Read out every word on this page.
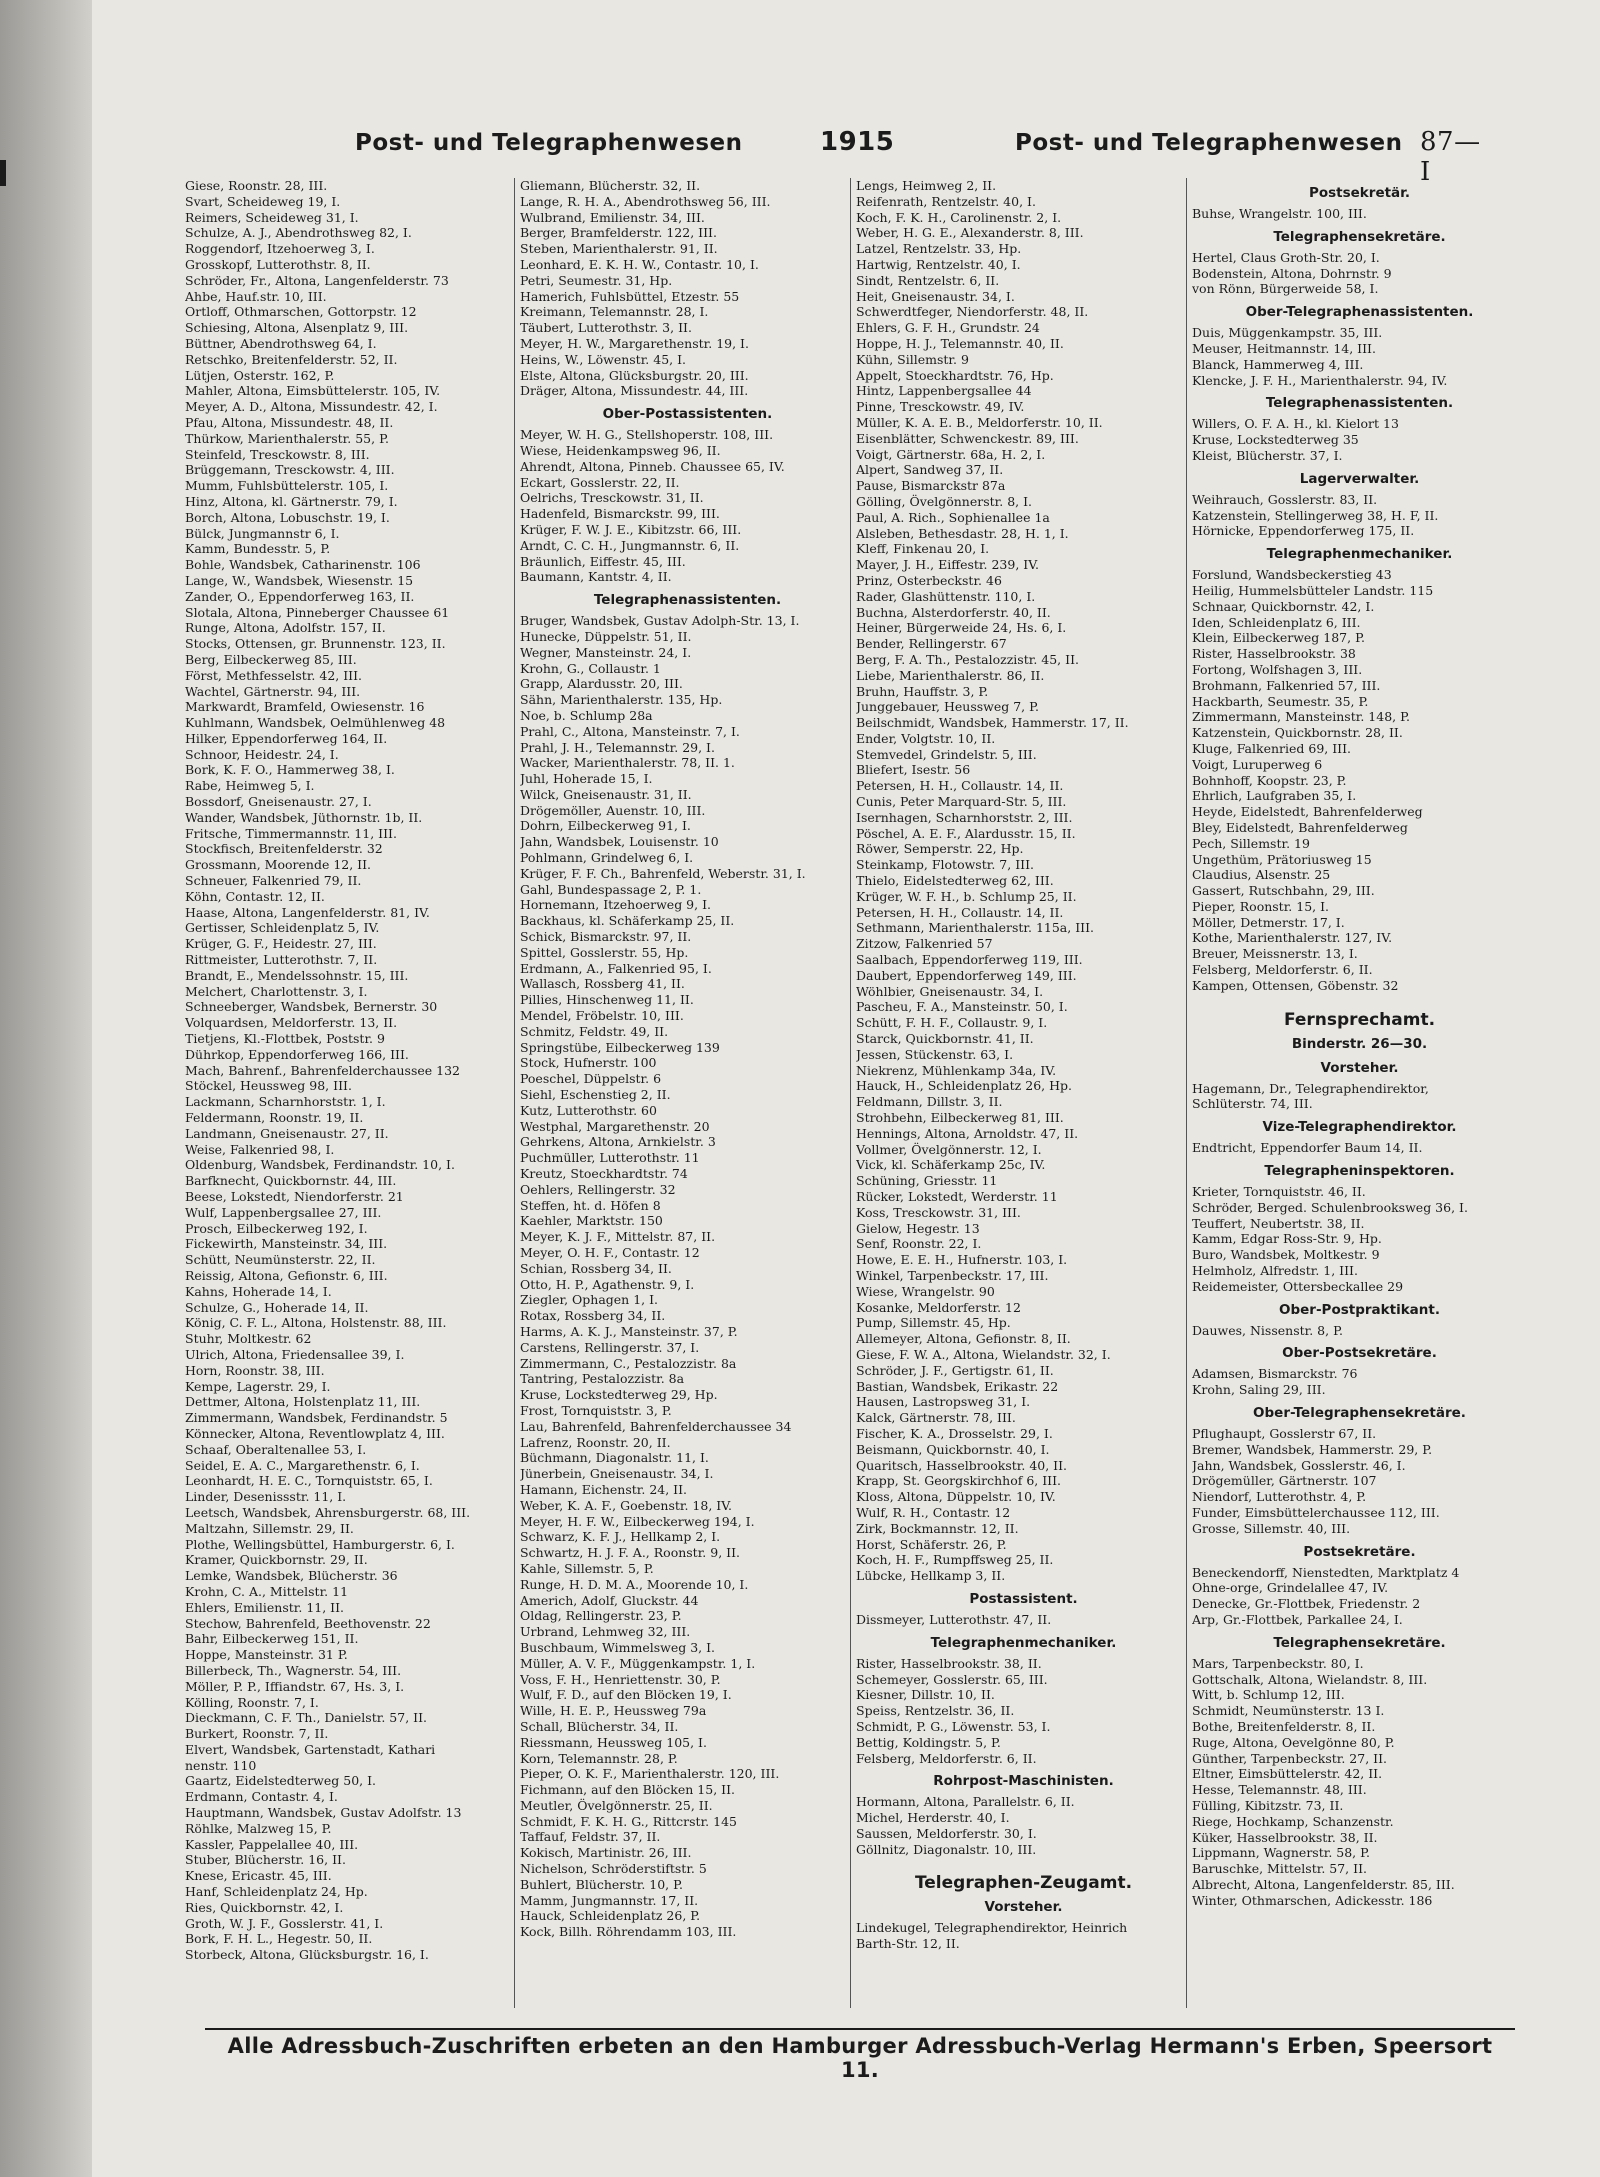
Post- und Telegraphenwesen	1915	Post- und Telegraphenwesen 87—I
Giese, Roonstr. 28, III.
Svart, Scheideweg 19, I.
Reimers, Scheideweg 31, I.
Schulze, A. J., Abendrothsweg 82, I.
Roggendorf, Itzehoerweg 3, I.
Grosskopf, Lutterothstr. 8, II.
Schröder, Fr., Altona, Langenfelderstr. 73
Ahbe, Hauf.str. 10, III.
Ortloff, Othmarschen, Gottorpstr. 12
Schiesing, Altona, Alsenplatz 9, III.
Büttner, Abendrothsweg 64, I.
Retschko, Breitenfelderstr. 52, II.
Lütjen, Osterstr. 162, P.
Mahler, Altona, Eimsbüttelerstr. 105, IV.
Meyer, A. D., Altona, Missundestr. 42, I.
Pfau, Altona, Missundestr. 48, II.
Thürkow, Marienthalerstr. 55, P.
Steinfeld, Tresckowstr. 8, III.
Brüggemann, Tresckowstr. 4, III.
Mumm, Fuhlsbüttelerstr. 105, I.
Hinz, Altona, kl. Gärtnerstr. 79, I.
Borch, Altona, Lobuschstr. 19, I.
Bülck, Jungmannstr 6, I.
Kamm, Bundesstr. 5, P.
Bohle, Wandsbek, Catharinenstr. 106
Lange, W., Wandsbek, Wiesenstr. 15
Zander, O., Eppendorferweg 163, II.
Slotala, Altona, Pinneberger Chaussee 61
Runge, Altona, Adolfstr. 157, II.
Stocks, Ottensen, gr. Brunnenstr. 123, II.
Berg, Eilbeckerweg 85, III.
Först, Methfesselstr. 42, III.
Wachtel, Gärtnerstr. 94, III.
Markwardt, Bramfeld, Owiesenstr. 16
Kuhlmann, Wandsbek, Oelmühlenweg 48
Hilker, Eppendorferweg 164, II.
Schnoor, Heidestr. 24, I.
Bork, K. F. O., Hammerweg 38, I.
Rabe, Heimweg 5, I.
Bossdorf, Gneisenaustr. 27, I.
Wander, Wandsbek, Jüthornstr. 1b, II.
Fritsche, Timmermannstr. 11, III.
Stockfisch, Breitenfelderstr. 32
Grossmann, Moorende 12, II.
Schneuer, Falkenried 79, II.
Köhn, Contastr. 12, II.
Haase, Altona, Langenfelderstr. 81, IV.
Gertisser, Schleidenplatz 5, IV.
Krüger, G. F., Heidestr. 27, III.
Rittmeister, Lutterothstr. 7, II.
Brandt, E., Mendelssohnstr. 15, III.
Melchert, Charlottenstr. 3, I.
Schneeberger, Wandsbek, Bernerstr. 30
Volquardsen, Meldorferstr. 13, II.
Tietjens, Kl.-Flottbek, Poststr. 9
Dührkop, Eppendorferweg 166, III.
Mach, Bahrenf., Bahrenfelderchaussee 132
Stöckel, Heussweg 98, III.
Lackmann, Scharnhorststr. 1, I.
Feldermann, Roonstr. 19, II.
Landmann, Gneisenaustr. 27, II.
Weise, Falkenried 98, I.
Oldenburg, Wandsbek, Ferdinandstr. 10, I.
Barfknecht, Quickbornstr. 44, III.
Beese, Lokstedt, Niendorferstr. 21
Wulf, Lappenbergsallee 27, III.
Prosch, Eilbeckerweg 192, I.
Fickewirth, Mansteinstr. 34, III.
Schütt, Neumünsterstr. 22, II.
Reissig, Altona, Gefionstr. 6, III.
Kahns, Hoherade 14, I.
Schulze, G., Hoherade 14, II.
König, C. F. L., Altona, Holstenstr. 88, III.
Stuhr, Moltkestr. 62
Ulrich, Altona, Friedensallee 39, I.
Horn, Roonstr. 38, III.
Kempe, Lagerstr. 29, I.
Dettmer, Altona, Holstenplatz 11, III.
Zimmermann, Wandsbek, Ferdinandstr. 5
Könnecker, Altona, Reventlowplatz 4, III.
Schaaf, Oberaltenallee 53, I.
Seidel, E. A. C., Margarethenstr. 6, I.
Leonhardt, H. E. C., Tornquiststr. 65, I.
Linder, Desenissstr. 11, I.
Leetsch, Wandsbek, Ahrensburgerstr. 68, III.
Maltzahn, Sillemstr. 29, II.
Plothe, Wellingsbüttel, Hamburgerstr. 6, I.
Kramer, Quickbornstr. 29, II.
Lemke, Wandsbek, Blücherstr. 36
Krohn, C. A., Mittelstr. 11
Ehlers, Emilienstr. 11, II.
Stechow, Bahrenfeld, Beethovenstr. 22
Bahr, Eilbeckerweg 151, II.
Hoppe, Mansteinstr. 31 P.
Billerbeck, Th., Wagnerstr. 54, III.
Möller, P. P., Iffiandstr. 67, Hs. 3, I.
Kölling, Roonstr. 7, I.
Dieckmann, C. F. Th., Danielstr. 57, II.
Burkert, Roonstr. 7, II.
Elvert, Wandsbek, Gartenstadt, Kathari
nenstr. 110
Gaartz, Eidelstedterweg 50, I.
Erdmann, Contastr. 4, I.
Hauptmann, Wandsbek, Gustav Adolfstr. 13
Röhlke, Malzweg 15, P.
Kassler, Pappelallee 40, III.
Stuber, Blücherstr. 16, II.
Knese, Ericastr. 45, III.
Hanf, Schleidenplatz 24, Hp.
Ries, Quickbornstr. 42, I.
Groth, W. J. F., Gosslerstr. 41, I.
Bork, F. H. L., Hegestr. 50, II.
Storbeck, Altona, Glücksburgstr. 16, I.
Gliemann, Blücherstr. 32, II.
Lange, R. H. A., Abendrothsweg 56, III.
Wulbrand, Emilienstr. 34, III.
Berger, Bramfelderstr. 122, III.
Steben, Marienthalerstr. 91, II.
Leonhard, E. K. H. W., Contastr. 10, I.
Petri, Seumestr. 31, Hp.
Hamerich, Fuhlsbüttel, Etzestr. 55
Kreimann, Telemannstr. 28, I.
Täubert, Lutterothstr. 3, II.
Meyer, H. W., Margarethenstr. 19, I.
Heins, W., Löwenstr. 45, I.
Elste, Altona, Glücksburgstr. 20, III.
Dräger, Altona, Missundestr. 44, III.
Ober-Postassistenten.
Meyer, W. H. G., Stellshoperstr. 108, III.
Wiese, Heidenkampsweg 96, II.
Ahrendt, Altona, Pinneb. Chaussee 65, IV.
Eckart, Gosslerstr. 22, II.
Oelrichs, Tresckowstr. 31, II.
Hadenfeld, Bismarckstr. 99, III.
Krüger, F. W. J. E., Kibitzstr. 66, III.
Arndt, C. C. H., Jungmannstr. 6, II.
Bräunlich, Eiffestr. 45, III.
Baumann, Kantstr. 4, II.
Telegraphenassistenten.
Bruger, Wandsbek, Gustav Adolph-Str. 13, I.
Hunecke, Düppelstr. 51, II.
Wegner, Mansteinstr. 24, I.
Krohn, G., Collaustr. 1
Grapp, Alardusstr. 20, III.
Sähn, Marienthalerstr. 135, Hp.
Noe, b. Schlump 28a
Prahl, C., Altona, Mansteinstr. 7, I.
Prahl, J. H., Telemannstr. 29, I.
Wacker, Marienthalerstr. 78, II. 1.
Juhl, Hoherade 15, I.
Wilck, Gneisenaustr. 31, II.
Drögemöller, Auenstr. 10, III.
Dohrn, Eilbeckerweg 91, I.
Jahn, Wandsbek, Louisenstr. 10
Pohlmann, Grindelweg 6, I.
Krüger, F. F. Ch., Bahrenfeld, Weberstr. 31, I.
Gahl, Bundespassage 2, P. 1.
Hornemann, Itzehoerweg 9, I.
Backhaus, kl. Schäferkamp 25, II.
Schick, Bismarckstr. 97, II.
Spittel, Gosslerstr. 55, Hp.
Erdmann, A., Falkenried 95, I.
Wallasch, Rossberg 41, II.
Pillies, Hinschenweg 11, II.
Mendel, Fröbelstr. 10, III.
Schmitz, Feldstr. 49, II.
Springstübe, Eilbeckerweg 139
Stock, Hufnerstr. 100
Poeschel, Düppelstr. 6
Siehl, Eschenstieg 2, II.
Kutz, Lutterothstr. 60
Westphal, Margarethenstr. 20
Gehrkens, Altona, Arnkielstr. 3
Puchmüller, Lutterothstr. 11
Kreutz, Stoeckhardtstr. 74
Oehlers, Rellingerstr. 32
Steffen, ht. d. Höfen 8
Kaehler, Marktstr. 150
Meyer, K. J. F., Mittelstr. 87, II.
Meyer, O. H. F., Contastr. 12
Schian, Rossberg 34, II.
Otto, H. P., Agathenstr. 9, I.
Ziegler, Ophagen 1, I.
Rotax, Rossberg 34, II.
Harms, A. K. J., Mansteinstr. 37, P.
Carstens, Rellingerstr. 37, I.
Zimmermann, C., Pestalozzistr. 8a
Tantring, Pestalozzistr. 8a
Kruse, Lockstedterweg 29, Hp.
Frost, Tornquiststr. 3, P.
Lau, Bahrenfeld, Bahrenfelderchaussee 34
Lafrenz, Roonstr. 20, II.
Büchmann, Diagonalstr. 11, I.
Jünerbein, Gneisenaustr. 34, I.
Hamann, Eichenstr. 24, II.
Weber, K. A. F., Goebenstr. 18, IV.
Meyer, H. F. W., Eilbeckerweg 194, I.
Schwarz, K. F. J., Hellkamp 2, I.
Schwartz, H. J. F. A., Roonstr. 9, II.
Kahle, Sillemstr. 5, P.
Runge, H. D. M. A., Moorende 10, I.
Americh, Adolf, Gluckstr. 44
Oldag, Rellingerstr. 23, P.
Urbrand, Lehmweg 32, III.
Buschbaum, Wimmelsweg 3, I.
Müller, A. V. F., Müggenkampstr. 1, I.
Voss, F. H., Henriettenstr. 30, P.
Wulf, F. D., auf den Blöcken 19, I.
Wille, H. E. P., Heussweg 79a
Schall, Blücherstr. 34, II.
Riessmann, Heussweg 105, I.
Korn, Telemannstr. 28, P.
Pieper, O. K. F., Marienthalerstr. 120, III.
Fichmann, auf den Blöcken 15, II.
Meutler, Övelgönnerstr. 25, II.
Schmidt, F. K. H. G., Rittcrstr. 145
Taffauf, Feldstr. 37, II.
Kokisch, Martinistr. 26, III.
Nichelson, Schröderstiftstr. 5
Buhlert, Blücherstr. 10, P.
Mamm, Jungmannstr. 17, II.
Hauck, Schleidenplatz 26, P.
Kock, Billh. Röhrendamm 103, III.
Lengs, Heimweg 2, II.
Reifenrath, Rentzelstr. 40, I.
Koch, F. K. H., Carolinenstr. 2, I.
Weber, H. G. E., Alexanderstr. 8, III.
Latzel, Rentzelstr. 33, Hp.
Hartwig, Rentzelstr. 40, I.
Sindt, Rentzelstr. 6, II.
Heit, Gneisenaustr. 34, I.
Schwerdtfeger, Niendorferstr. 48, II.
Ehlers, G. F. H., Grundstr. 24
Hoppe, H. J., Telemannstr. 40, II.
Kühn, Sillemstr. 9
Appelt, Stoeckhardtstr. 76, Hp.
Hintz, Lappenbergsallee 44
Pinne, Tresckowstr. 49, IV.
Müller, K. A. E. B., Meldorferstr. 10, II.
Eisenblätter, Schwenckestr. 89, III.
Voigt, Gärtnerstr. 68a, H. 2, I.
Alpert, Sandweg 37, II.
Pause, Bismarckstr 87a
Gölling, Övelgönnerstr. 8, I.
Paul, A. Rich., Sophienallee 1a
Alsleben, Bethesdastr. 28, H. 1, I.
Kleff, Finkenau 20, I.
Mayer, J. H., Eiffestr. 239, IV.
Prinz, Osterbeckstr. 46
Rader, Glashüttenstr. 110, I.
Buchna, Alsterdorferstr. 40, II.
Heiner, Bürgerweide 24, Hs. 6, I.
Bender, Rellingerstr. 67
Berg, F. A. Th., Pestalozzistr. 45, II.
Liebe, Marienthalerstr. 86, II.
Bruhn, Hauffstr. 3, P.
Junggebauer, Heussweg 7, P.
Beilschmidt, Wandsbek, Hammerstr. 17, II.
Ender, Volgtstr. 10, II.
Stemvedel, Grindelstr. 5, III.
Bliefert, Isestr. 56
Petersen, H. H., Collaustr. 14, II.
Cunis, Peter Marquard-Str. 5, III.
Isernhagen, Scharnhorststr. 2, III.
Pöschel, A. E. F., Alardusstr. 15, II.
Röwer, Semperstr. 22, Hp.
Steinkamp, Flotowstr. 7, III.
Thielo, Eidelstedterweg 62, III.
Krüger, W. F. H., b. Schlump 25, II.
Petersen, H. H., Collaustr. 14, II.
Sethmann, Marienthalerstr. 115a, III.
Zitzow, Falkenried 57
Saalbach, Eppendorferweg 119, III.
Daubert, Eppendorferweg 149, III.
Wöhlbier, Gneisenaustr. 34, I.
Pascheu, F. A., Mansteinstr. 50, I.
Schütt, F. H. F., Collaustr. 9, I.
Starck, Quickbornstr. 41, II.
Jessen, Stückenstr. 63, I.
Niekrenz, Mühlenkamp 34a, IV.
Hauck, H., Schleidenplatz 26, Hp.
Feldmann, Dillstr. 3, II.
Strohbehn, Eilbeckerweg 81, III.
Hennings, Altona, Arnoldstr. 47, II.
Vollmer, Övelgönnerstr. 12, I.
Vick, kl. Schäferkamp 25c, IV.
Schüning, Griesstr. 11
Rücker, Lokstedt, Werderstr. 11
Koss, Tresckowstr. 31, III.
Gielow, Hegestr. 13
Senf, Roonstr. 22, I.
Howe, E. E. H., Hufnerstr. 103, I.
Winkel, Tarpenbeckstr. 17, III.
Wiese, Wrangelstr. 90
Kosanke, Meldorferstr. 12
Pump, Sillemstr. 45, Hp.
Allemeyer, Altona, Gefionstr. 8, II.
Giese, F. W. A., Altona, Wielandstr. 32, I.
Schröder, J. F., Gertigstr. 61, II.
Bastian, Wandsbek, Erikastr. 22
Hausen, Lastropsweg 31, I.
Kalck, Gärtnerstr. 78, III.
Fischer, K. A., Drosselstr. 29, I.
Beismann, Quickbornstr. 40, I.
Quaritsch, Hasselbrookstr. 40, II.
Krapp, St. Georgskirchhof 6, III.
Kloss, Altona, Düppelstr. 10, IV.
Wulf, R. H., Contastr. 12
Zirk, Bockmannstr. 12, II.
Horst, Schäferstr. 26, P.
Koch, H. F., Rumpffsweg 25, II.
Lübcke, Hellkamp 3, II.
Postassistent.
Dissmeyer, Lutterothstr. 47, II.
Telegraphenmechaniker.
Rister, Hasselbrookstr. 38, II.
Schemeyer, Gosslerstr. 65, III.
Kiesner, Dillstr. 10, II.
Speiss, Rentzelstr. 36, II.
Schmidt, P. G., Löwenstr. 53, I.
Bettig, Koldingstr. 5, P.
Felsberg, Meldorferstr. 6, II.
Rohrpost-Maschinisten.
Hormann, Altona, Parallelstr. 6, II.
Michel, Herderstr. 40, I.
Saussen, Meldorferstr. 30, I.
Göllnitz, Diagonalstr. 10, III.
Telegraphen-Zeugamt.
Vorsteher.
Lindekugel, Telegraphendirektor, Heinrich
Barth-Str. 12, II.
Postsekretär.
Buhse, Wrangelstr. 100, III.
Telegraphensekretäre.
Hertel, Claus Groth-Str. 20, I.
Bodenstein, Altona, Dohrnstr. 9
von Rönn, Bürgerweide 58, I.
Ober-Telegraphenassistenten.
Duis, Müggenkampstr. 35, III.
Meuser, Heitmannstr. 14, III.
Blanck, Hammerweg 4, III.
Klencke, J. F. H., Marienthalerstr. 94, IV.
Telegraphenassistenten.
Willers, O. F. A. H., kl. Kielort 13
Kruse, Lockstedterweg 35
Kleist, Blücherstr. 37, I.
Lagerverwalter.
Weihrauch, Gosslerstr. 83, II.
Katzenstein, Stellingerweg 38, H. F, II.
Hörnicke, Eppendorferweg 175, II.
Telegraphenmechaniker.
Forslund, Wandsbeckerstieg 43
Heilig, Hummelsbütteler Landstr. 115
Schnaar, Quickbornstr. 42, I.
Iden, Schleidenplatz 6, III.
Klein, Eilbeckerweg 187, P.
Rister, Hasselbrookstr. 38
Fortong, Wolfshagen 3, III.
Brohmann, Falkenried 57, III.
Hackbarth, Seumestr. 35, P.
Zimmermann, Mansteinstr. 148, P.
Katzenstein, Quickbornstr. 28, II.
Kluge, Falkenried 69, III.
Voigt, Luruperweg 6
Bohnhoff, Koopstr. 23, P.
Ehrlich, Laufgraben 35, I.
Heyde, Eidelstedt, Bahrenfelderweg
Bley, Eidelstedt, Bahrenfelderweg
Pech, Sillemstr. 19
Ungethüm, Prätoriusweg 15
Claudius, Alsenstr. 25
Gassert, Rutschbahn, 29, III.
Pieper, Roonstr. 15, I.
Möller, Detmerstr. 17, I.
Kothe, Marienthalerstr. 127, IV.
Breuer, Meissnerstr. 13, I.
Felsberg, Meldorferstr. 6, II.
Kampen, Ottensen, Göbenstr. 32
Fernsprechamt.
Binderstr. 26—30.
Vorsteher.
Hagemann, Dr., Telegraphendirektor,
Schlüterstr. 74, III.
Vize-Telegraphendirektor.
Endtricht, Eppendorfer Baum 14, II.
Telegrapheninspektoren.
Krieter, Tornquiststr. 46, II.
Schröder, Berged. Schulenbrooksweg 36, I.
Teuffert, Neubertstr. 38, II.
Kamm, Edgar Ross-Str. 9, Hp.
Buro, Wandsbek, Moltkestr. 9
Helmholz, Alfredstr. 1, III.
Reidemeister, Ottersbeckallee 29
Ober-Postpraktikant.
Dauwes, Nissenstr. 8, P.
Ober-Postsekretäre.
Adamsen, Bismarckstr. 76
Krohn, Saling 29, III.
Ober-Telegraphensekretäre.
Pflughaupt, Gosslerstr 67, II.
Bremer, Wandsbek, Hammerstr. 29, P.
Jahn, Wandsbek, Gosslerstr. 46, I.
Drögemüller, Gärtnerstr. 107
Niendorf, Lutterothstr. 4, P.
Funder, Eimsbüttelerchaussee 112, III.
Grosse, Sillemstr. 40, III.
Postsekretäre.
Beneckendorff, Nienstedten, Marktplatz 4
Ohne-orge, Grindelallee 47, IV.
Denecke, Gr.-Flottbek, Friedenstr. 2
Arp, Gr.-Flottbek, Parkallee 24, I.
Telegraphensekretäre.
Mars, Tarpenbeckstr. 80, I.
Gottschalk, Altona, Wielandstr. 8, III.
Witt, b. Schlump 12, III.
Schmidt, Neumünsterstr. 13 I.
Bothe, Breitenfelderstr. 8, II.
Ruge, Altona, Oevelgönne 80, P.
Günther, Tarpenbeckstr. 27, II.
Eltner, Eimsbüttelerstr. 42, II.
Hesse, Telemannstr. 48, III.
Fülling, Kibitzstr. 73, II.
Riege, Hochkamp, Schanzenstr.
Küker, Hasselbrookstr. 38, II.
Lippmann, Wagnerstr. 58, P.
Baruschke, Mittelstr. 57, II.
Albrecht, Altona, Langenfelderstr. 85, III.
Winter, Othmarschen, Adickesstr. 186
Alle Adressbuch-Zuschriften erbeten an den Hamburger Adressbuch-Verlag Hermann's Erben, Speersort 11.
